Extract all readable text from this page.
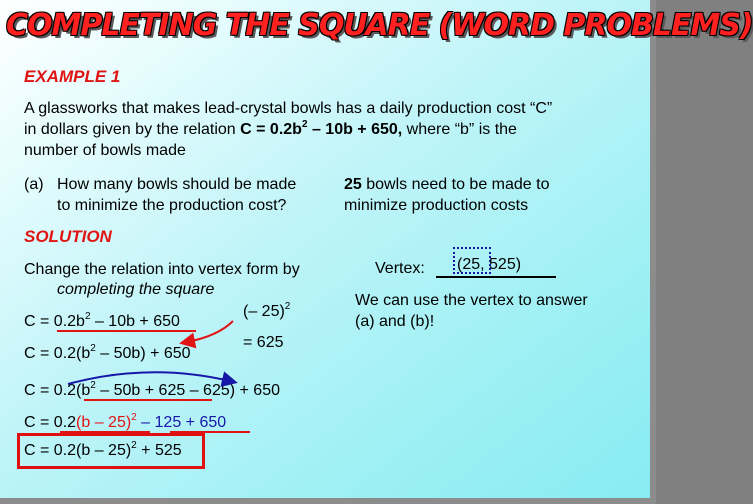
COMPLETING THE SQUARE (WORD PROBLEMS)
EXAMPLE 1
A glassworks that makes lead-crystal bowls has a daily production cost “C”
in dollars given by the relation $C = 0.2b^2 - 10b + 650$, where “b” is the
number of bowls made
(a) How many bowls should be made
to minimize the production cost?
25 bowls need to be made to
minimize production costs
SOLUTION
Change the relation into vertex form by
completing the square
Vertex: (25, 525)
We can use the vertex to answer
(a) and (b)!
(– 25)$^2$
= 625
$C = 0.2b^2 - 10b + 650$
$C = 0.2(b^2 - 50b) + 650$
$C = 0.2(b^2 - 50b + 625 - 625) + 650$
C = 0.2(b – 25)$^2$ – 125 + 650
C = 0.2(b – 25)$^2$ + 525
